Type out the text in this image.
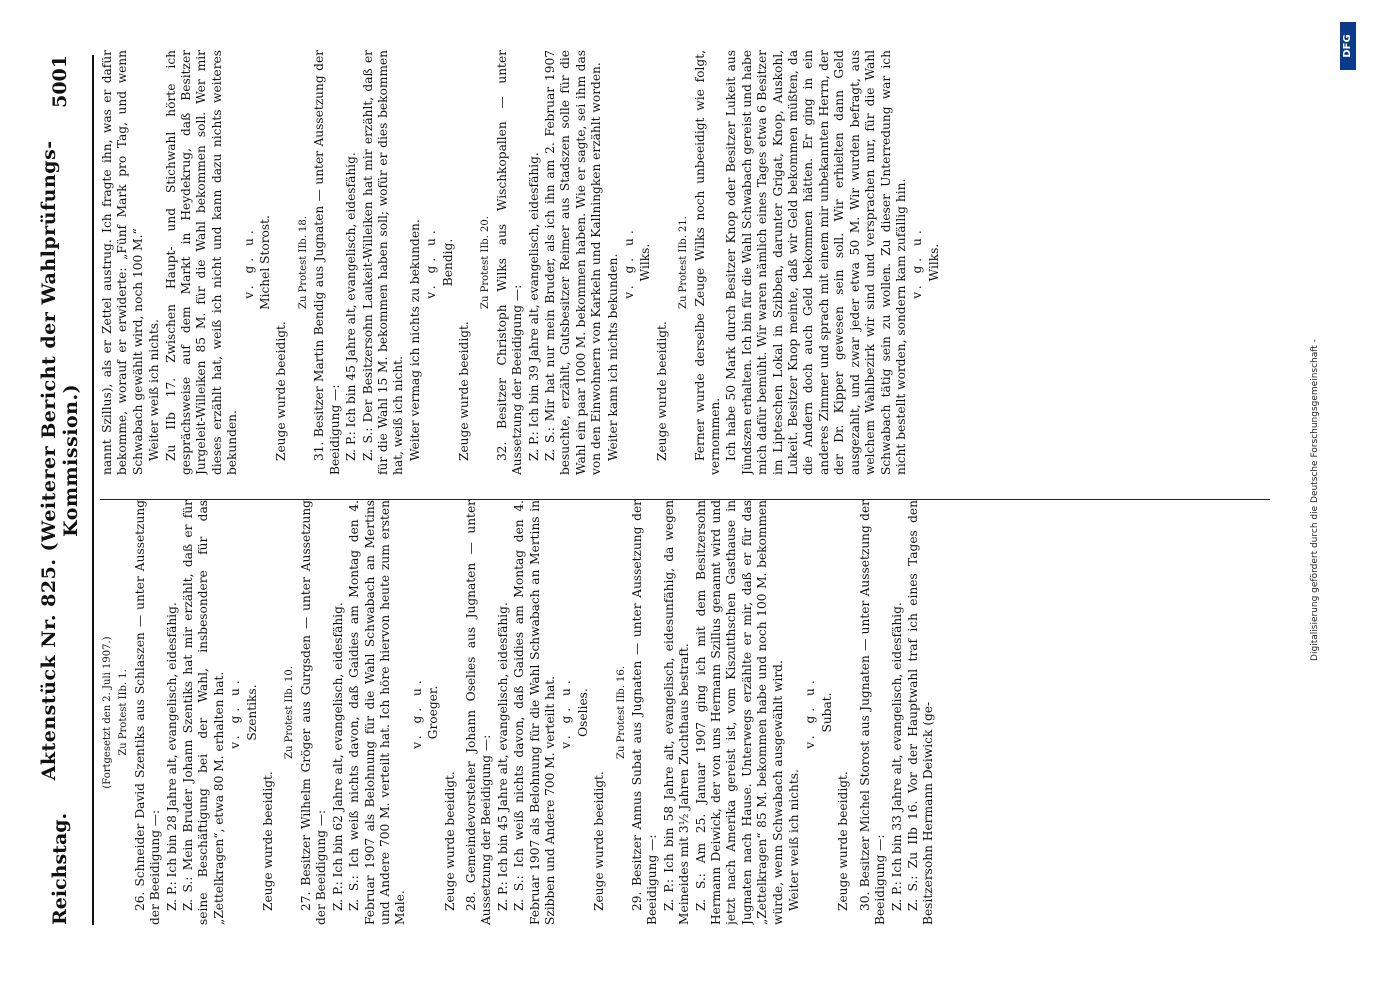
Reichstag.
Aktenstück Nr. 825. (Weiterer Bericht der Wahlprüfungs-Kommission.)
5001

(Fortgesetzt den 2. Juli 1907.) Zu Protest IIb. 1. 26. Schneider David Szentiks aus Schlaszen — unter Aussetzung der Beeidigung —: Z. P.: Ich bin 28 Jahre alt, evangelisch, eidesfähig. Z. S.: Mein Bruder Johann Szentiks hat mir erzählt, daß er für seine Beschäftigung bei der Wahl, insbesondere für das „Zettelkragen“, etwa 80 M. erhalten hat. v. g. u. Szentiks.

Zeuge wurde beeidigt.

Zu Protest IIb. 10. 27. Besitzer Wilhelm Gröger aus Gurgsden — unter Aussetzung der Beeidigung —: Z. P.: Ich bin 62 Jahre alt, evangelisch, eidesfähig. Z. S.: Ich weiß nichts davon, daß Gaidies am Montag den 4. Februar 1907 als Belohnung für die Wahl Schwabach an Mertins und Andere 700 M. verteilt hat. Ich höre hiervon heute zum ersten Male.

v. g. u. Groeger.

Zeuge wurde beeidigt. 28. Gemeindevorsteher Johann Oselies aus Jugnaten — unter Aussetzung der Beeidigung —: Z. P.: Ich bin 45 Jahre alt, evangelisch, eidesfähig. Z. S.: Ich weiß nichts davon, daß Gaidies am Montag den 4. Februar 1907 als Belohnung für die Wahl Schwabach an Mertins in Szibben und Andere 700 M. verteilt hat. v. g. u. Oselies.

Zeuge wurde beeidigt.

Zu Protest IIb. 16. 29. Besitzer Annus Subat aus Jugnaten — unter Aussetzung der Beeidigung —: Z. P.: Ich bin 58 Jahre alt, evangelisch, eidesunfähig, da wegen Meineides mit 3½ Jahren Zuchthaus bestraft. Z. S.: Am 25. Januar 1907 ging ich mit dem Besitzersohn Hermann Deiwick, der von uns Hermann Szillus genannt wird und jetzt nach Amerika gereist ist, vom Kiszutthschen Gasthause in Jugnaten nach Hause. Unterwegs erzählte er mir, daß er für das „Zettelkragen“ 85 M. bekommen habe und noch 100 M. bekommen würde, wenn Schwabach ausgewählt wird. Weiter weiß ich nichts.

v. g. u. Subat.

Zeuge wurde beeidigt. 30. Besitzer Michel Storost aus Jugnaten — unter Aussetzung der Beeidigung —: Z. P.: Ich bin 33 Jahre alt, evangelisch, eidesfähig. Z. S.: Zu IIb 16. Vor der Hauptwahl traf ich eines Tages den Besitzersohn Hermann Deiwick (ge-

nannt Szillus), als er Zettel austrug. Ich fragte ihn, was er dafür bekomme, worauf er erwiderte: „Fünf Mark pro Tag, und wenn Schwabach gewählt wird, noch 100 M.“ Weiter weiß ich nichts. Zu IIb 17. Zwischen Haupt- und Stichwahl hörte ich gesprächsweise auf dem Markt in Heydekrug, daß Besitzer Jurgeleit-Willeiken 85 M. für die Wahl bekommen soll. Wer mir dieses erzählt hat, weiß ich nicht und kann dazu nichts weiteres bekunden.

v. g. u. Michel Storost.

Zeuge wurde beeidigt.

Zu Protest IIb. 18. 31. Besitzer Martin Bendig aus Jugnaten — unter Aussetzung der Beeidigung —: Z. P.: Ich bin 45 Jahre alt, evangelisch, eidesfähig. Z. S.: Der Besitzersohn Laukeit-Willeiken hat mir erzählt, daß er für die Wahl 15 M. bekommen haben soll; wofür er dies bekommen hat, weiß ich nicht. Weiter vermag ich nichts zu bekunden. v. g. u. Bendig.

Zeuge wurde beeidigt.

Zu Protest IIb. 20. 32. Besitzer Christoph Wilks aus Wischkopallen — unter Aussetzung der Beeidigung —: Z. P.: Ich bin 39 Jahre alt, evangelisch, eidesfähig. Z. S.: Mir hat nur mein Bruder, als ich ihn am 2. Februar 1907 besuchte, erzählt, Gutsbesitzer Reimer aus Stadszen solle für die Wahl ein paar 1000 M. bekommen haben. Wie er sagte, sei ihm das von den Einwohnern von Karkeln und Kallningken erzählt worden. Weiter kann ich nichts bekunden. v. g. u. Wilks.

Zeuge wurde beeidigt.

Zu Protest IIb. 21. Ferner wurde derselbe Zeuge Wilks noch unbeeidigt wie folgt, vernommen. Ich habe 50 Mark durch Besitzer Knop oder Besitzer Lukeit aus Jündszen erhalten. Ich bin für die Wahl Schwabach gereist und habe mich dafür bemüht. Wir waren nämlich eines Tages etwa 6 Besitzer im Lipteschen Lokal in Szibben, darunter Grigat, Knop, Auskohl, Lukeit. Besitzer Knop meinte, daß wir Geld bekommen müßten, da die Andern doch auch Geld bekommen hätten. Er ging in ein anderes Zimmer und sprach mit einem mir unbekannten Herrn, der der Dr. Kipper gewesen sein soll. Wir erhielten dann Geld ausgezahlt, und zwar jeder etwa 50 M. Wir wurden befragt, aus welchem Wahlbezirk wir sind und versprachen nur, für die Wahl Schwabach tätig sein zu wollen. Zu dieser Unterredung war ich nicht bestellt worden, sondern kam zufällig hin. v. g. u. Wilks.

Digitalisierung gefördert durch die Deutsche Forschungsgemeinschaft -
DFG
